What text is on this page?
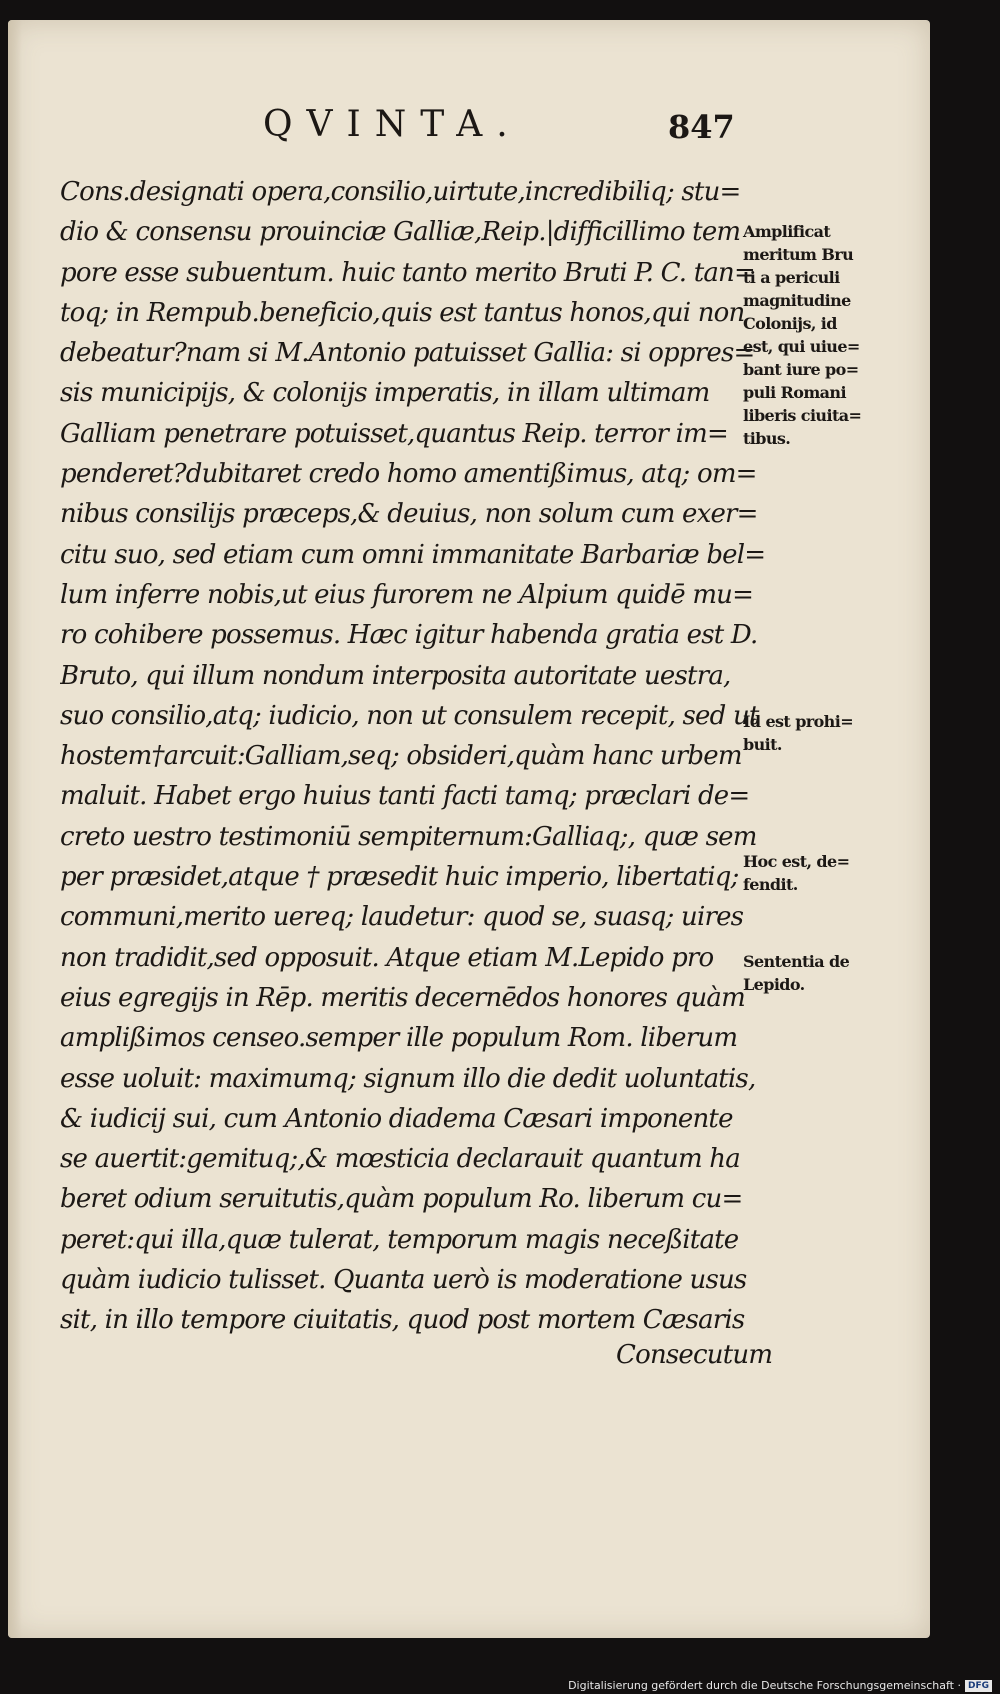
QVINTA.	847
Cons.designati opera,consilio,uirtute,incredibiliq; stu=
dio & consensu prouinciæ Galliæ,Reip.|difficillimo tem
pore esse subuentum. huic tanto merito Bruti P. C. tan=
toq; in Rempub.beneficio,quis est tantus honos,qui non
debeatur?nam si M.Antonio patuisset Gallia: si oppres=
sis municipijs, & colonijs imperatis, in illam ultimam
Galliam penetrare potuisset,quantus Reip. terror im=
penderet?dubitaret credo homo amentißimus, atq; om=
nibus consilijs præceps,& deuius, non solum cum exer=
citu suo, sed etiam cum omni immanitate Barbariæ bel=
lum inferre nobis,ut eius furorem ne Alpium quidē mu=
ro cohibere possemus. Hæc igitur habenda gratia est D.
Bruto, qui illum nondum interposita autoritate uestra,
suo consilio,atq; iudicio, non ut consulem recepit, sed ut
hostem†arcuit:Galliam,seq; obsideri,quàm hanc urbem
maluit. Habet ergo huius tanti facti tamq; præclari de=
creto uestro testimoniū sempiternum:Galliaq;, quæ sem
per præsidet,atque † præsedit huic imperio, libertatiq;
communi,merito uereq; laudetur: quod se, suasq; uires
non tradidit,sed opposuit. Atque etiam M.Lepido pro
eius egregijs in Rēp. meritis decernēdos honores quàm
amplißimos censeo.semper ille populum Rom. liberum
esse uoluit: maximumq; signum illo die dedit uoluntatis,
& iudicij sui, cum Antonio diadema Cæsari imponente
se auertit:gemituq;,& mœsticia declarauit quantum ha
beret odium seruitutis,quàm populum Ro. liberum cu=
peret:qui illa,quæ tulerat, temporum magis neceßitate
quàm iudicio tulisset. Quanta uerò is moderatione usus
sit, in illo tempore ciuitatis, quod post mortem Cæsaris
Consecutum
Amplificat
meritum Bru
ti a periculi
magnitudine
Colonijs, id
est, qui uiue=
bant iure po=
puli Romani
liberis ciuita=
tibus.
Id est prohi=
buit.
Hoc est, de=
fendit.
Sententia de
Lepido.
Digitalisierung gefördert durch die Deutsche Forschungsgemeinschaft · DFG
